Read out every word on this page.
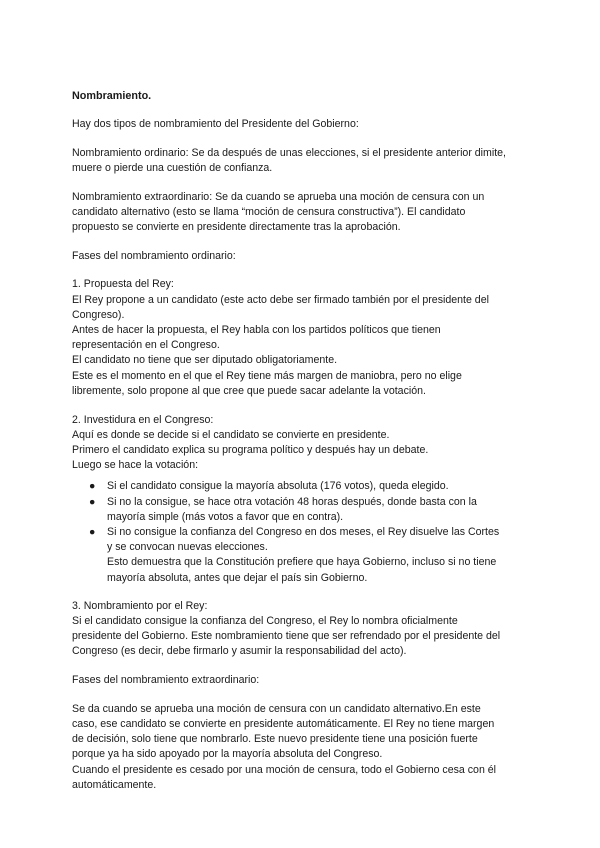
Nombramiento.

Hay dos tipos de nombramiento del Presidente del Gobierno:

Nombramiento ordinario: Se da después de unas elecciones, si el presidente anterior dimite,
muere o pierde una cuestión de confianza.

Nombramiento extraordinario: Se da cuando se aprueba una moción de censura con un
candidato alternativo (esto se llama “moción de censura constructiva”). El candidato
propuesto se convierte en presidente directamente tras la aprobación.

Fases del nombramiento ordinario:

1. Propuesta del Rey:
El Rey propone a un candidato (este acto debe ser firmado también por el presidente del
Congreso).
Antes de hacer la propuesta, el Rey habla con los partidos políticos que tienen
representación en el Congreso.
El candidato no tiene que ser diputado obligatoriamente.
Este es el momento en el que el Rey tiene más margen de maniobra, pero no elige
libremente, solo propone al que cree que puede sacar adelante la votación.

2. Investidura en el Congreso:
Aquí es donde se decide si el candidato se convierte en presidente.
Primero el candidato explica su programa político y después hay un debate.
Luego se hace la votación:

● Si el candidato consigue la mayoría absoluta (176 votos), queda elegido.
● Si no la consigue, se hace otra votación 48 horas después, donde basta con la
mayoría simple (más votos a favor que en contra).
● Si no consigue la confianza del Congreso en dos meses, el Rey disuelve las Cortes
y se convocan nuevas elecciones.
Esto demuestra que la Constitución prefiere que haya Gobierno, incluso si no tiene
mayoría absoluta, antes que dejar el país sin Gobierno.

3. Nombramiento por el Rey:
Si el candidato consigue la confianza del Congreso, el Rey lo nombra oficialmente
presidente del Gobierno. Este nombramiento tiene que ser refrendado por el presidente del
Congreso (es decir, debe firmarlo y asumir la responsabilidad del acto).

Fases del nombramiento extraordinario:

Se da cuando se aprueba una moción de censura con un candidato alternativo.En este
caso, ese candidato se convierte en presidente automáticamente. El Rey no tiene margen
de decisión, solo tiene que nombrarlo. Este nuevo presidente tiene una posición fuerte
porque ya ha sido apoyado por la mayoría absoluta del Congreso.
Cuando el presidente es cesado por una moción de censura, todo el Gobierno cesa con él
automáticamente.
